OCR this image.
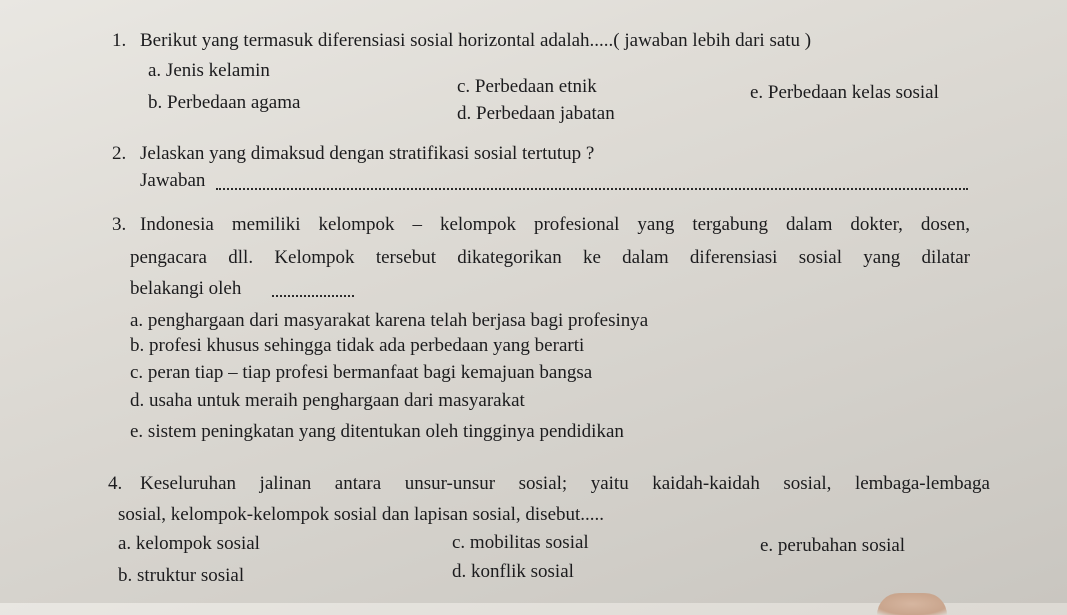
1. Berikut yang termasuk diferensiasi sosial horizontal adalah.....( jawaban lebih dari satu )
a. Jenis kelamin
b. Perbedaan agama
c. Perbedaan etnik
d. Perbedaan jabatan
e. Perbedaan kelas sosial
2. Jelaskan yang dimaksud dengan stratifikasi sosial tertutup ?
Jawaban
3. Indonesia memiliki kelompok – kelompok profesional yang tergabung dalam dokter, dosen,
pengacara dll. Kelompok tersebut dikategorikan ke dalam diferensiasi sosial yang dilatar
belakangi oleh
a. penghargaan dari masyarakat karena telah berjasa bagi profesinya
b. profesi khusus sehingga tidak ada perbedaan yang berarti
c. peran tiap – tiap profesi bermanfaat bagi kemajuan bangsa
d. usaha untuk meraih penghargaan dari masyarakat
e. sistem peningkatan yang ditentukan oleh tingginya pendidikan
4. Keseluruhan jalinan antara unsur-unsur sosial; yaitu kaidah-kaidah sosial, lembaga-lembaga
sosial, kelompok-kelompok sosial dan lapisan sosial, disebut.....
a. kelompok sosial
b. struktur sosial
c. mobilitas sosial
d. konflik sosial
e. perubahan sosial
